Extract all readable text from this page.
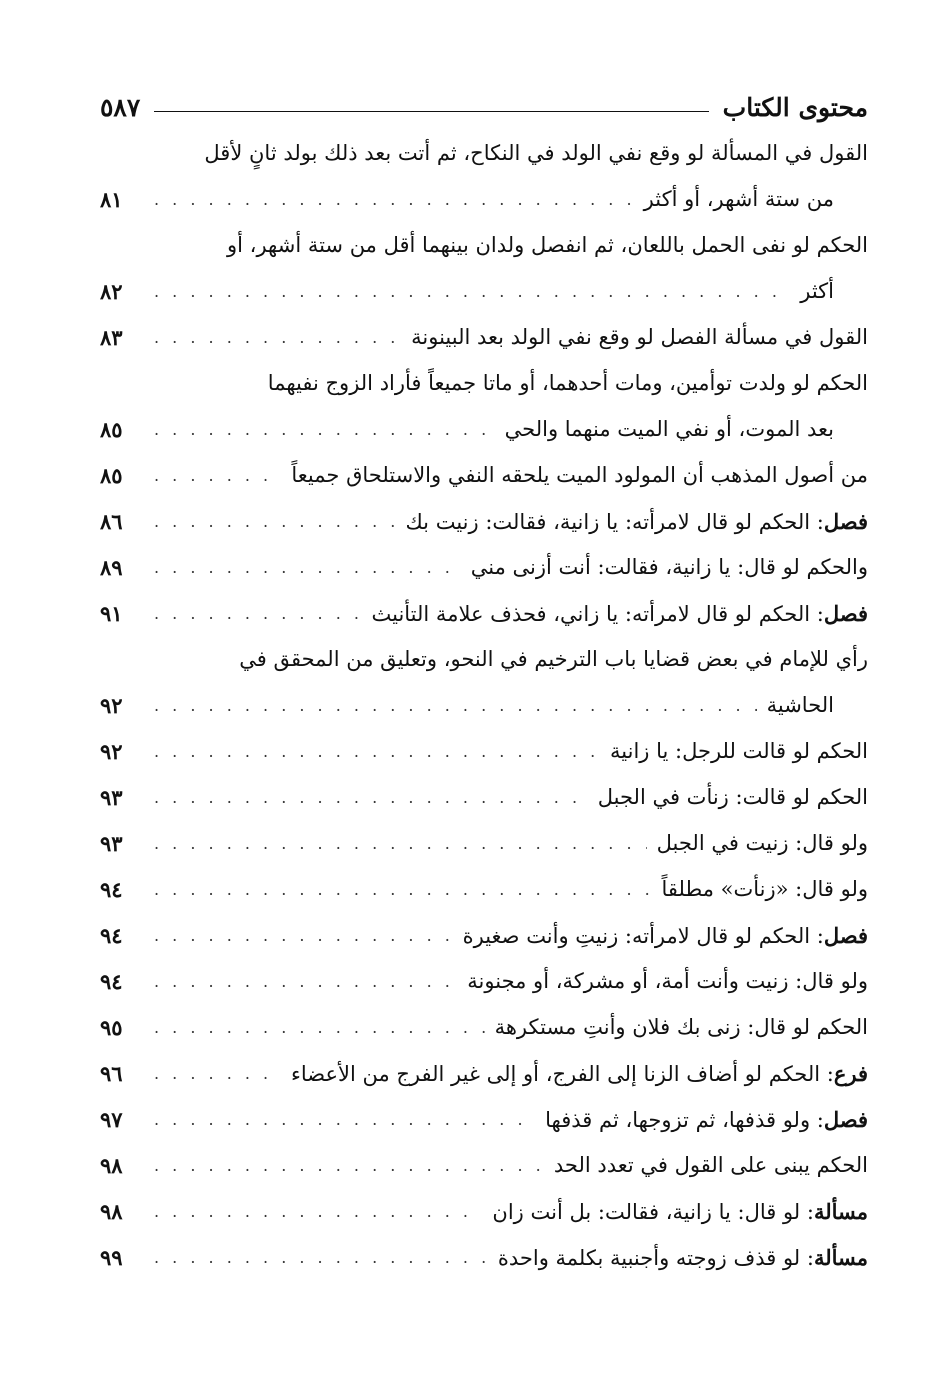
محتوى الكتاب
٥٨٧
القول في المسألة لو وقع نفي الولد في النكاح، ثم أتت بعد ذلك بولد ثانٍ لأقل
من ستة أشهر، أو أكثر
. . .
٨١
الحكم لو نفى الحمل باللعان، ثم انفصل ولدان بينهما أقل من ستة أشهر، أو
أكثر
. . .
٨٢
القول في مسألة الفصل لو وقع نفي الولد بعد البينونة
. . .
٨٣
الحكم لو ولدت توأمين، ومات أحدهما، أو ماتا جميعاً فأراد الزوج نفيهما
بعد الموت، أو نفي الميت منهما والحي
. . .
٨٥
من أصول المذهب أن المولود الميت يلحقه النفي والاستلحاق جميعاً
. . .
٨٥
فصل: الحكم لو قال لامرأته: يا زانية، فقالت: زنيت بك
. . .
٨٦
والحكم لو قال: يا زانية، فقالت: أنت أزنى مني
. . .
٨٩
فصل: الحكم لو قال لامرأته: يا زاني، فحذف علامة التأنيث
. . .
٩١
رأي للإمام في بعض قضايا باب الترخيم في النحو، وتعليق من المحقق في
الحاشية
. . .
٩٢
الحكم لو قالت للرجل: يا زانية
. . .
٩٢
الحكم لو قالت: زنأت في الجبل
. . .
٩٣
ولو قال: زنيت في الجبل
. . .
٩٣
ولو قال: «زنأت» مطلقاً
. . .
٩٤
فصل: الحكم لو قال لامرأته: زنيتِ وأنت صغيرة
. . .
٩٤
ولو قال: زنيت وأنت أمة، أو مشركة، أو مجنونة
. . .
٩٤
الحكم لو قال: زنى بك فلان وأنتِ مستكرهة
. . .
٩٥
فرع: الحكم لو أضاف الزنا إلى الفرج، أو إلى غير الفرج من الأعضاء
. . .
٩٦
فصل: ولو قذفها، ثم تزوجها، ثم قذفها
. . .
٩٧
الحكم يبنى على القول في تعدد الحد
. . .
٩٨
مسألة: لو قال: يا زانية، فقالت: بل أنت زان
. . .
٩٨
مسألة: لو قذف زوجته وأجنبية بكلمة واحدة
. . .
٩٩
